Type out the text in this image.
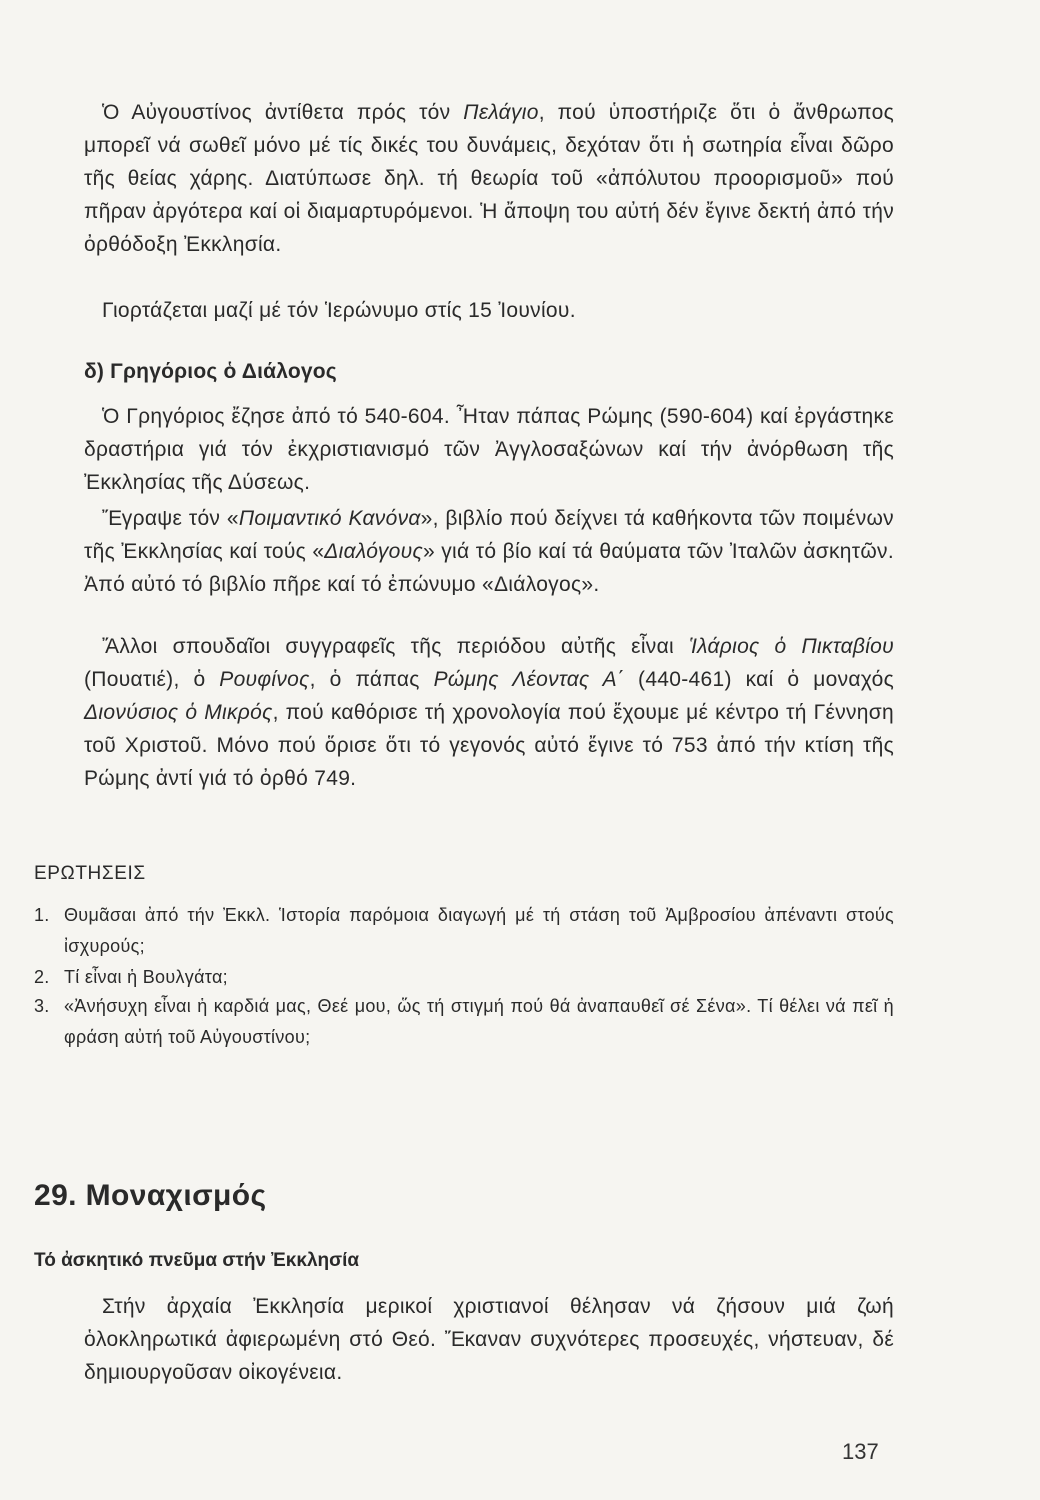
Ὁ Αὐγουστίνος ἀντίθετα πρός τόν Πελάγιο, πού ὑποστήριζε ὅτι ὁ ἄνθρωπος μπορεῖ νά σωθεῖ μόνο μέ τίς δικές του δυνάμεις, δεχόταν ὅτι ἡ σωτηρία εἶναι δῶρο τῆς θείας χάρης. Διατύπωσε δηλ. τή θεωρία τοῦ «ἀπόλυτου προορισμοῦ» πού πῆραν ἀργότερα καί οἱ διαμαρτυρόμενοι. Ἡ ἄποψη του αὐτή δέν ἔγινε δεκτή ἀπό τήν ὀρθόδοξη Ἐκκλησία.

Γιορτάζεται μαζί μέ τόν Ἱερώνυμο στίς 15 Ἰουνίου.

δ) Γρηγόριος ὁ Διάλογος

Ὁ Γρηγόριος ἔζησε ἀπό τό 540-604. Ἦταν πάπας Ρώμης (590-604) καί ἐργάστηκε δραστήρια γιά τόν ἐκχριστιανισμό τῶν Ἀγγλοσαξώνων καί τήν ἀνόρθωση τῆς Ἐκκλησίας τῆς Δύσεως.

Ἔγραψε τόν «Ποιμαντικό Κανόνα», βιβλίο πού δείχνει τά καθήκοντα τῶν ποιμένων τῆς Ἐκκλησίας καί τούς «Διαλόγους» γιά τό βίο καί τά θαύματα τῶν Ἰταλῶν ἀσκητῶν. Ἀπό αὐτό τό βιβλίο πῆρε καί τό ἐπώνυμο «Διάλογος».

Ἄλλοι σπουδαῖοι συγγραφεῖς τῆς περιόδου αὐτῆς εἶναι Ἱλάριος ὁ Πικταβίου (Πουατιέ), ὁ Ρουφίνος, ὁ πάπας Ρώμης Λέοντας Α΄ (440-461) καί ὁ μοναχός Διονύσιος ὁ Μικρός, πού καθόρισε τή χρονολογία πού ἔχουμε μέ κέντρο τή Γέννηση τοῦ Χριστοῦ. Μόνο πού ὅρισε ὅτι τό γεγονός αὐτό ἔγινε τό 753 ἀπό τήν κτίση τῆς Ρώμης ἀντί γιά τό ὀρθό 749.

ΕΡΩΤΗΣΕΙΣ
1. Θυμᾶσαι ἀπό τήν Ἐκκλ. Ἱστορία παρόμοια διαγωγή μέ τή στάση τοῦ Ἀμβροσίου ἀπέναντι στούς ἰσχυρούς;
2. Τί εἶναι ἡ Βουλγάτα;
3. «Ἀνήσυχη εἶναι ἡ καρδιά μας, Θεέ μου, ὥς τή στιγμή πού θά ἀναπαυθεῖ σέ Σένα». Τί θέλει νά πεῖ ἡ φράση αὐτή τοῦ Αὐγουστίνου;
29. Μοναχισμός
Τό ἀσκητικό πνεῦμα στήν Ἐκκλησία

Στήν ἀρχαία Ἐκκλησία μερικοί χριστιανοί θέλησαν νά ζήσουν μιά ζωή ὁλοκληρωτικά ἀφιερωμένη στό Θεό. Ἔκαναν συχνότερες προσευχές, νήστευαν, δέ δημιουργοῦσαν οἰκογένεια.

137
